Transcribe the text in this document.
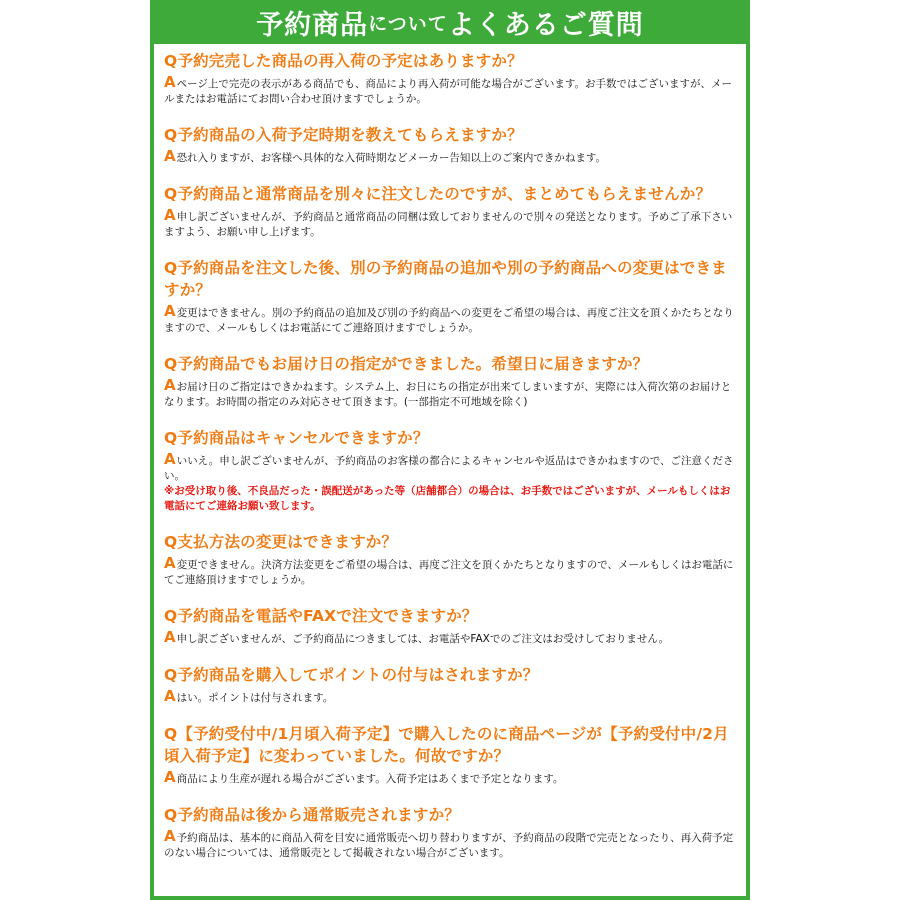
予約商品 について よくあるご質問
Q予約完売した商品の再入荷の予定はありますか？
Aページ上で完売の表示がある商品でも、商品により再入荷が可能な場合がございます。お手数ではございますが、メールまたはお電話にてお問い合わせ頂けますでしょうか。
Q予約商品の入荷予定時期を教えてもらえますか？
A恐れ入りますが、お客様へ具体的な入荷時期などメーカー告知以上のご案内できかねます。
Q予約商品と通常商品を別々に注文したのですが、まとめてもらえませんか？
A申し訳ございませんが、予約商品と通常商品の同梱は致しておりませんので別々の発送となります。予めご了承下さいますよう、お願い申し上げます。
Q予約商品を注文した後、別の予約商品の追加や別の予約商品への変更はできますか？
A変更はできません。別の予約商品の追加及び別の予約商品への変更をご希望の場合は、再度ご注文を頂くかたちとなりますので、メールもしくはお電話にてご連絡頂けますでしょうか。
Q予約商品でもお届け日の指定ができました。希望日に届きますか？
Aお届け日のご指定はできかねます。システム上、お日にちの指定が出来てしまいますが、実際には入荷次第のお届けとなります。お時間の指定のみ対応させて頂きます。(一部指定不可地域を除く)
Q予約商品はキャンセルできますか？
Aいいえ。申し訳ございませんが、予約商品のお客様の都合によるキャンセルや返品はできかねますので、ご注意ください。
※お受け取り後、不良品だった・誤配送があった等（店舗都合）の場合は、お手数ではございますが、メールもしくはお電話にてご連絡お願い致します。
Q支払方法の変更はできますか？
A変更できません。決済方法変更をご希望の場合は、再度ご注文を頂くかたちとなりますので、メールもしくはお電話にてご連絡頂けますでしょうか。
Q予約商品を電話やFAXで注文できますか？
A申し訳ございませんが、ご予約商品につきましては、お電話やFAXでのご注文はお受けしておりません。
Q予約商品を購入してポイントの付与はされますか？
Aはい。ポイントは付与されます。
Q【予約受付中/1月頃入荷予定】で購入したのに商品ページが【予約受付中/2月頃入荷予定】に変わっていました。何故ですか？
A商品により生産が遅れる場合がございます。入荷予定はあくまで予定となります。
Q予約商品は後から通常販売されますか？
A予約商品は、基本的に商品入荷を目安に通常販売へ切り替わりますが、予約商品の段階で完売となったり、再入荷予定のない場合については、通常販売として掲載されない場合がございます。
